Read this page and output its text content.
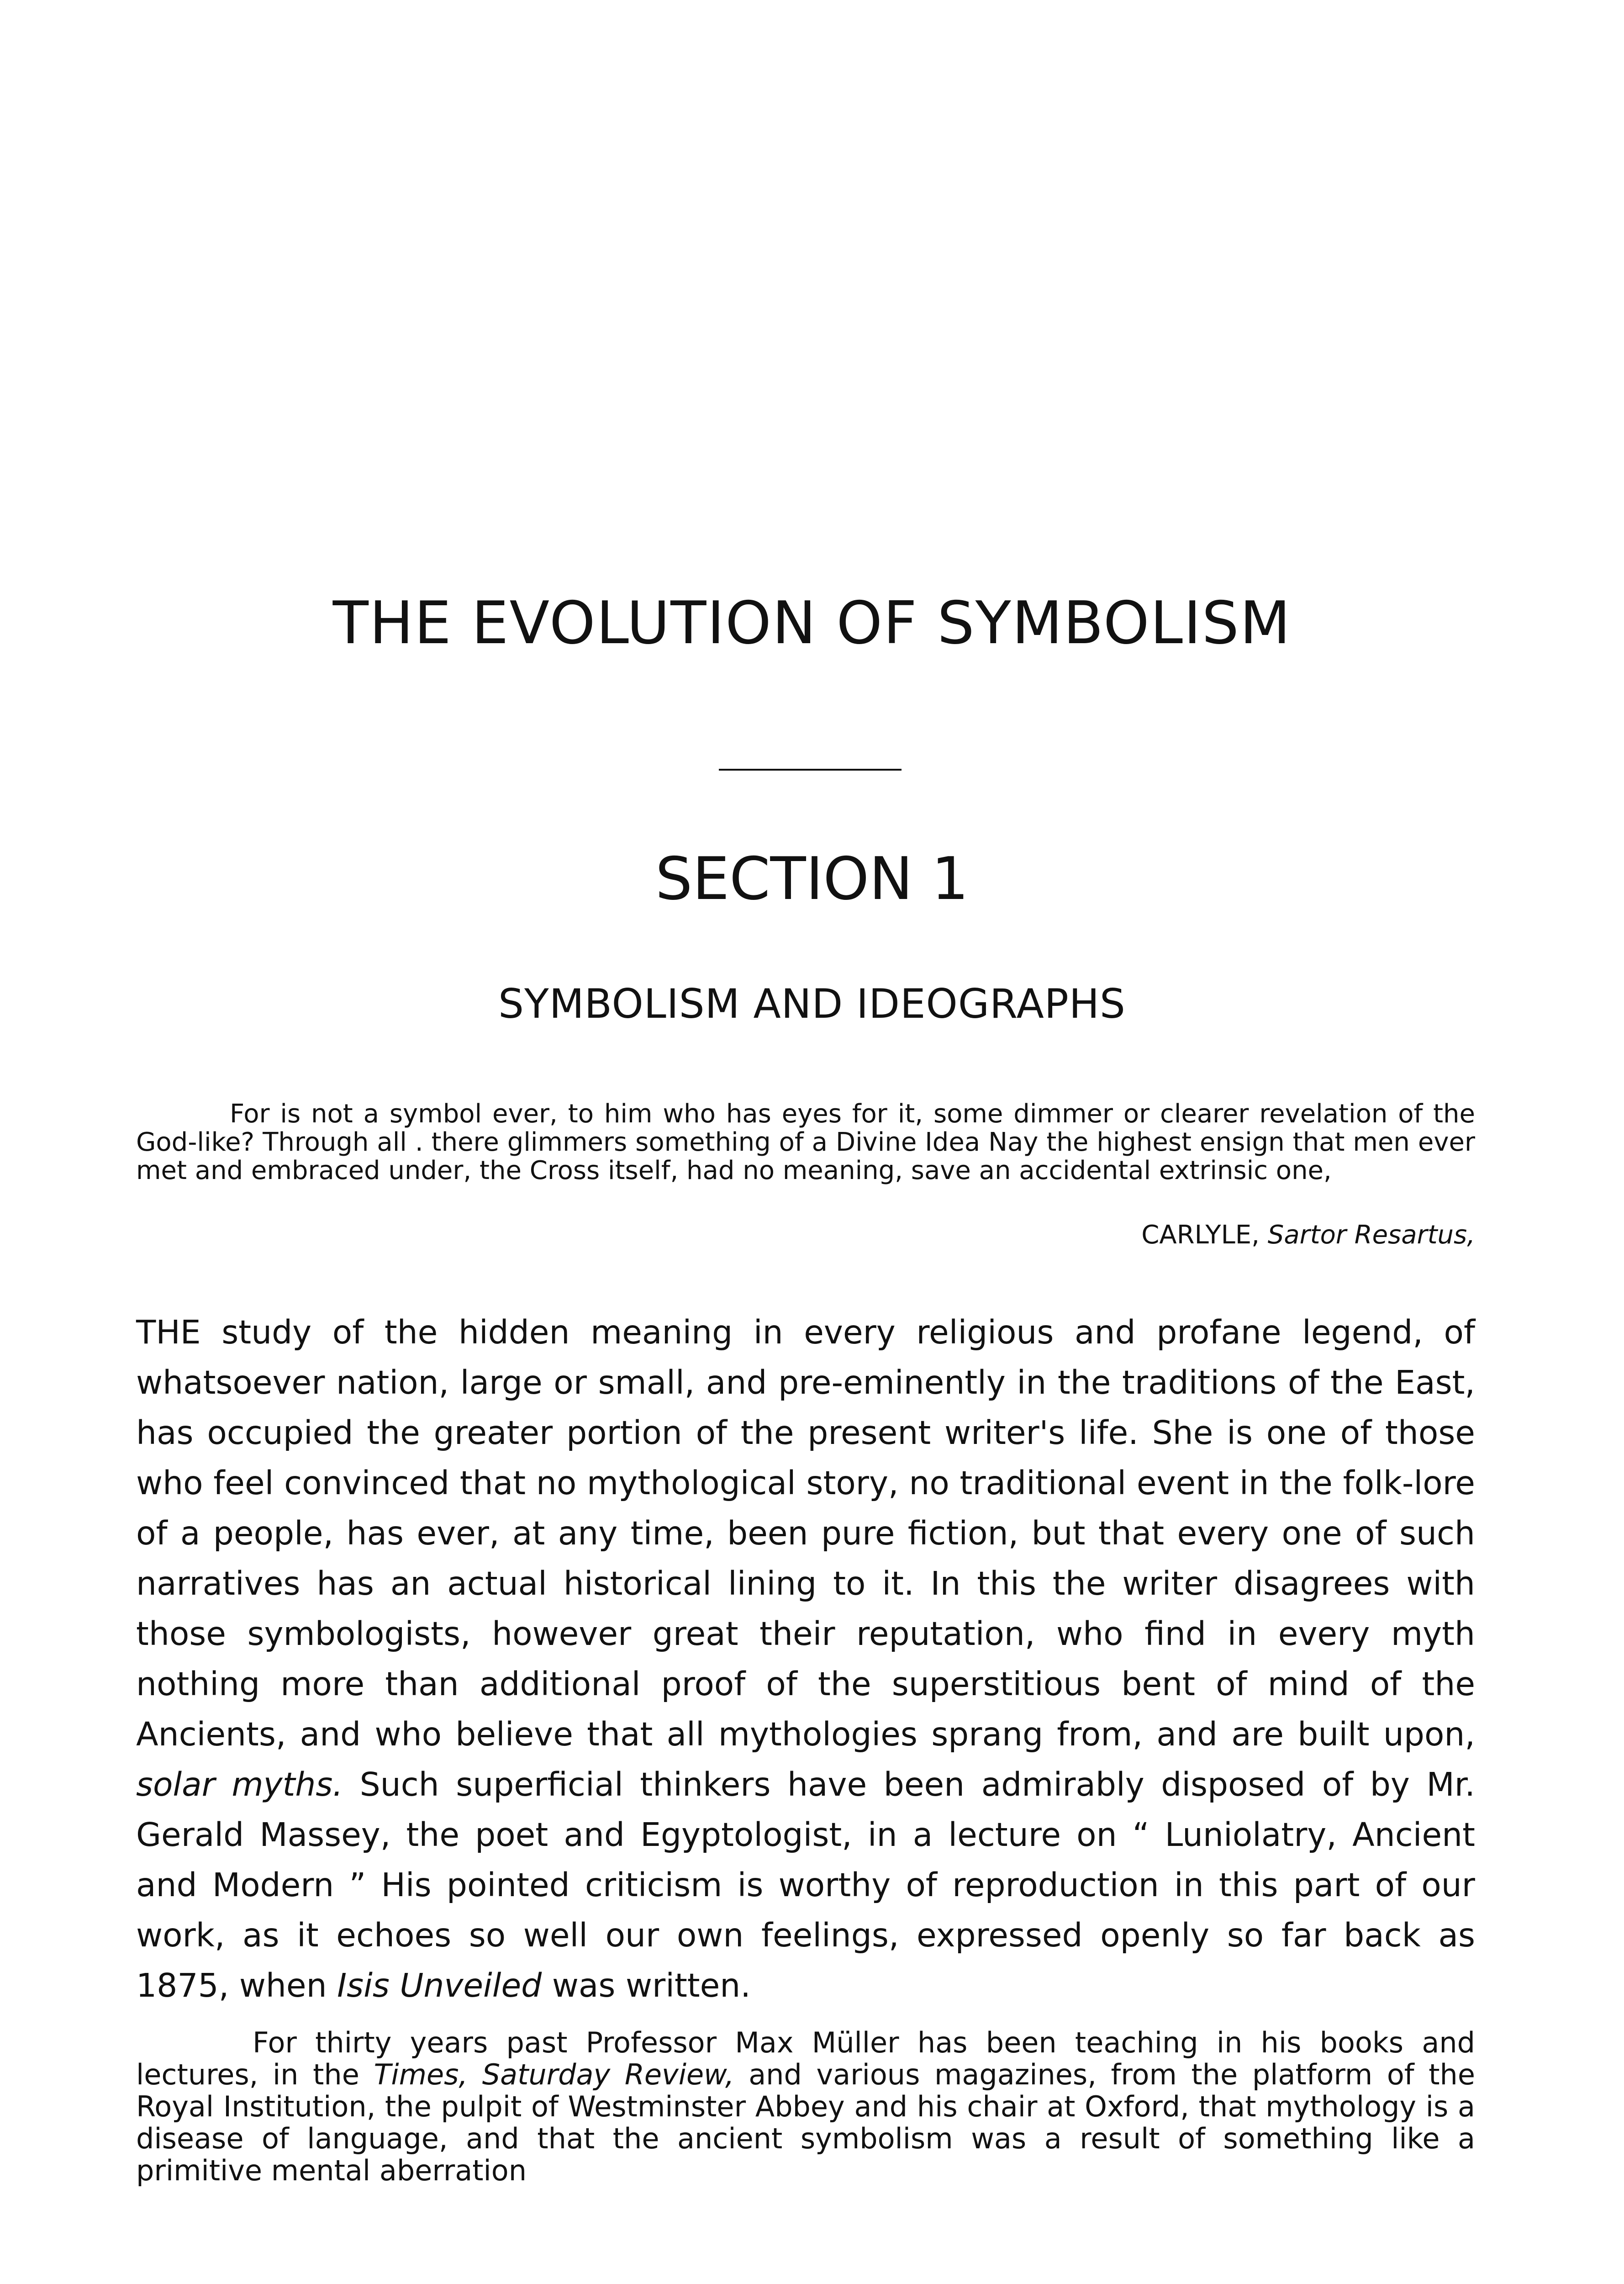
THE EVOLUTION OF SYMBOLISM
SECTION 1
SYMBOLISM AND IDEOGRAPHS

For is not a symbol ever, to him who has eyes for it, some dimmer or clearer revelation of the God-like? Through all . there glimmers something of a Divine Idea Nay the highest ensign that men ever met and embraced under, the Cross itself, had no meaning, save an accidental extrinsic one,

CARLYLE, Sartor Resartus,

THE study of the hidden meaning in every religious and profane legend, of whatsoever nation, large or small, and pre-eminently in the traditions of the East, has occupied the greater portion of the present writer's life. She is one of those who feel convinced that no mythological story, no traditional event in the folk-lore of a people, has ever, at any time, been pure fiction, but that every one of such narratives has an actual historical lining to it. In this the writer disagrees with those symbologists, however great their reputation, who find in every myth nothing more than additional proof of the superstitious bent of mind of the Ancients, and who believe that all mythologies sprang from, and are built upon, solar myths. Such superficial thinkers have been admirably disposed of by Mr. Gerald Massey, the poet and Egyptologist, in a lecture on “ Luniolatry, Ancient and Modern ” His pointed criticism is worthy of reproduction in this part of our work, as it echoes so well our own feelings, expressed openly so far back as 1875, when Isis Unveiled was written.

For thirty years past Professor Max Müller has been teaching in his books and lectures, in the Times, Saturday Review, and various magazines, from the platform of the Royal Institution, the pulpit of Westminster Abbey and his chair at Oxford, that mythology is a disease of language, and that the ancient symbolism was a result of something like a primitive mental aberration
